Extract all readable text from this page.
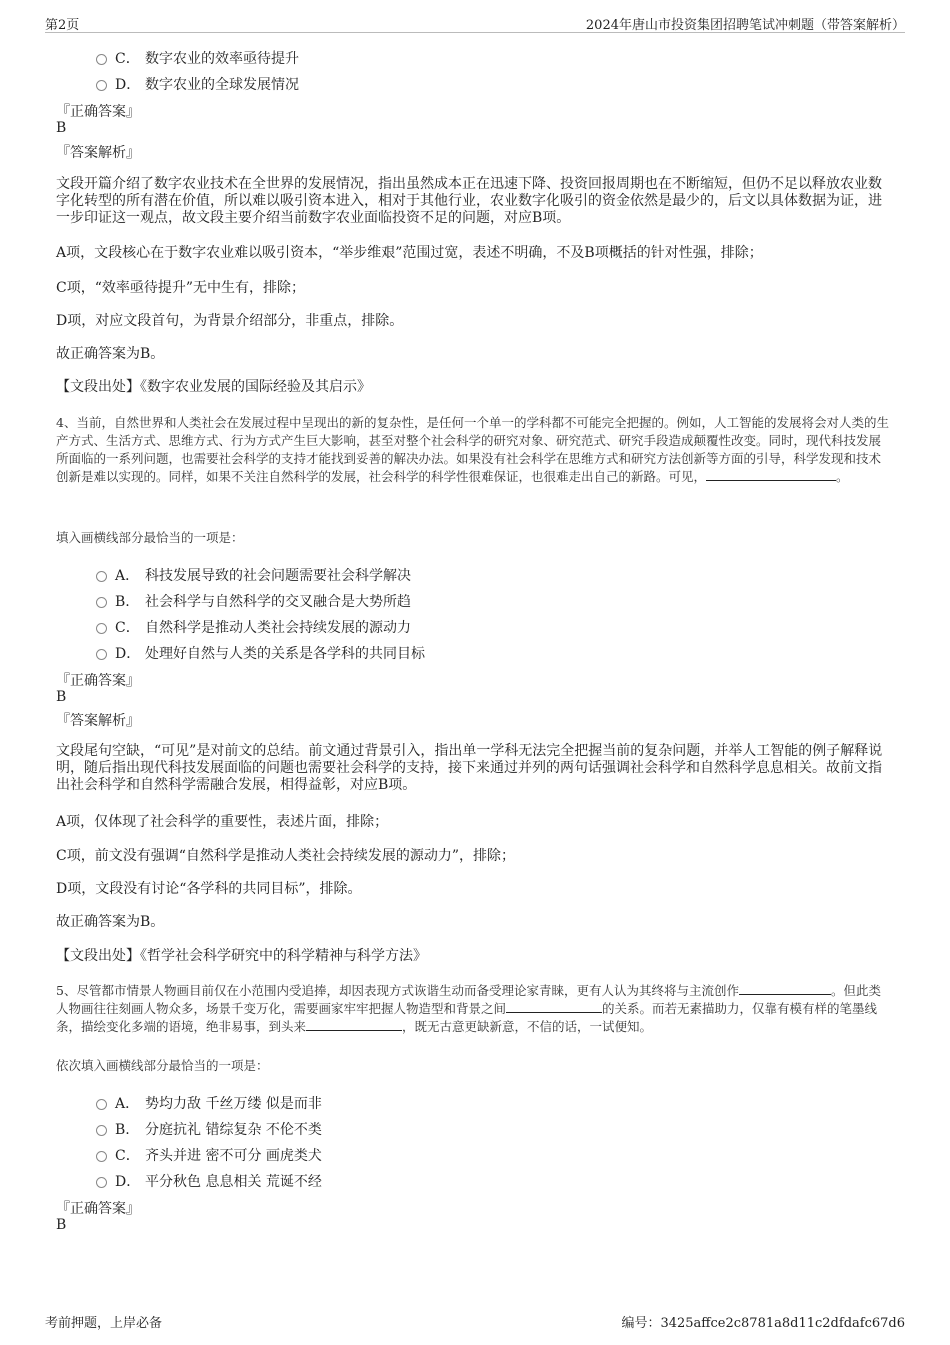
第2页	2024年唐山市投资集团招聘笔试冲刺题（带答案解析）
C． 数字农业的效率亟待提升
D． 数字农业的全球发展情况
『正确答案』
B
『答案解析』
文段开篇介绍了数字农业技术在全世界的发展情况，指出虽然成本正在迅速下降、投资回报周期也在不断缩短，但仍不足以释放农业数字化转型的所有潜在价值，所以难以吸引资本进入，相对于其他行业，农业数字化吸引的资金依然是最少的，后文以具体数据为证，进一步印证这一观点，故文段主要介绍当前数字农业面临投资不足的问题，对应B项。
A项，文段核心在于数字农业难以吸引资本，“举步维艰”范围过宽，表述不明确，不及B项概括的针对性强，排除；
C项，“效率亟待提升”无中生有，排除；
D项，对应文段首句，为背景介绍部分，非重点，排除。
故正确答案为B。
【文段出处】《数字农业发展的国际经验及其启示》
4、当前，自然世界和人类社会在发展过程中呈现出的新的复杂性，是任何一个单一的学科都不可能完全把握的。例如，人工智能的发展将会对人类的生产方式、生活方式、思维方式、行为方式产生巨大影响，甚至对整个社会科学的研究对象、研究范式、研究手段造成颠覆性改变。同时，现代科技发展所面临的一系列问题，也需要社会科学的支持才能找到妥善的解决办法。如果没有社会科学在思维方式和研究方法创新等方面的引导，科学发现和技术创新是难以实现的。同样，如果不关注自然科学的发展，社会科学的科学性很难保证，也很难走出自己的新路。可见，	。
填入画横线部分最恰当的一项是：
A． 科技发展导致的社会问题需要社会科学解决
B. 社会科学与自然科学的交叉融合是大势所趋
C． 自然科学是推动人类社会持续发展的源动力
D． 处理好自然与人类的关系是各学科的共同目标
『正确答案』
B
『答案解析』
文段尾句空缺，“可见”是对前文的总结。前文通过背景引入，指出单一学科无法完全把握当前的复杂问题，并举人工智能的例子解释说明，随后指出现代科技发展面临的问题也需要社会科学的支持，接下来通过并列的两句话强调社会科学和自然科学息息相关。故前文指出社会科学和自然科学需融合发展，相得益彰，对应B项。
A项，仅体现了社会科学的重要性，表述片面，排除；
C项，前文没有强调“自然科学是推动人类社会持续发展的源动力”，排除；
D项，文段没有讨论“各学科的共同目标”，排除。
故正确答案为B。
【文段出处】《哲学社会科学研究中的科学精神与科学方法》
5、尽管都市情景人物画目前仅在小范围内受追捧，却因表现方式诙谐生动而备受理论家青睐，更有人认为其终将与主流创作	。但此类人物画往往刻画人物众多，场景千变万化，需要画家牢牢把握人物造型和背景之间	的关系。而若无素描助力，仅靠有模有样的笔墨线条，描绘变化多端的语境，绝非易事，到头来	，既无古意更缺新意，不信的话，一试便知。
依次填入画横线部分最恰当的一项是：
A． 势均力敌 千丝万缕 似是而非
B. 分庭抗礼 错综复杂 不伦不类
C． 齐头并进 密不可分 画虎类犬
D． 平分秋色 息息相关 荒诞不经
『正确答案』
B
考前押题，上岸必备	编号：3425affce2c8781a8d11c2dfdafc67d6
